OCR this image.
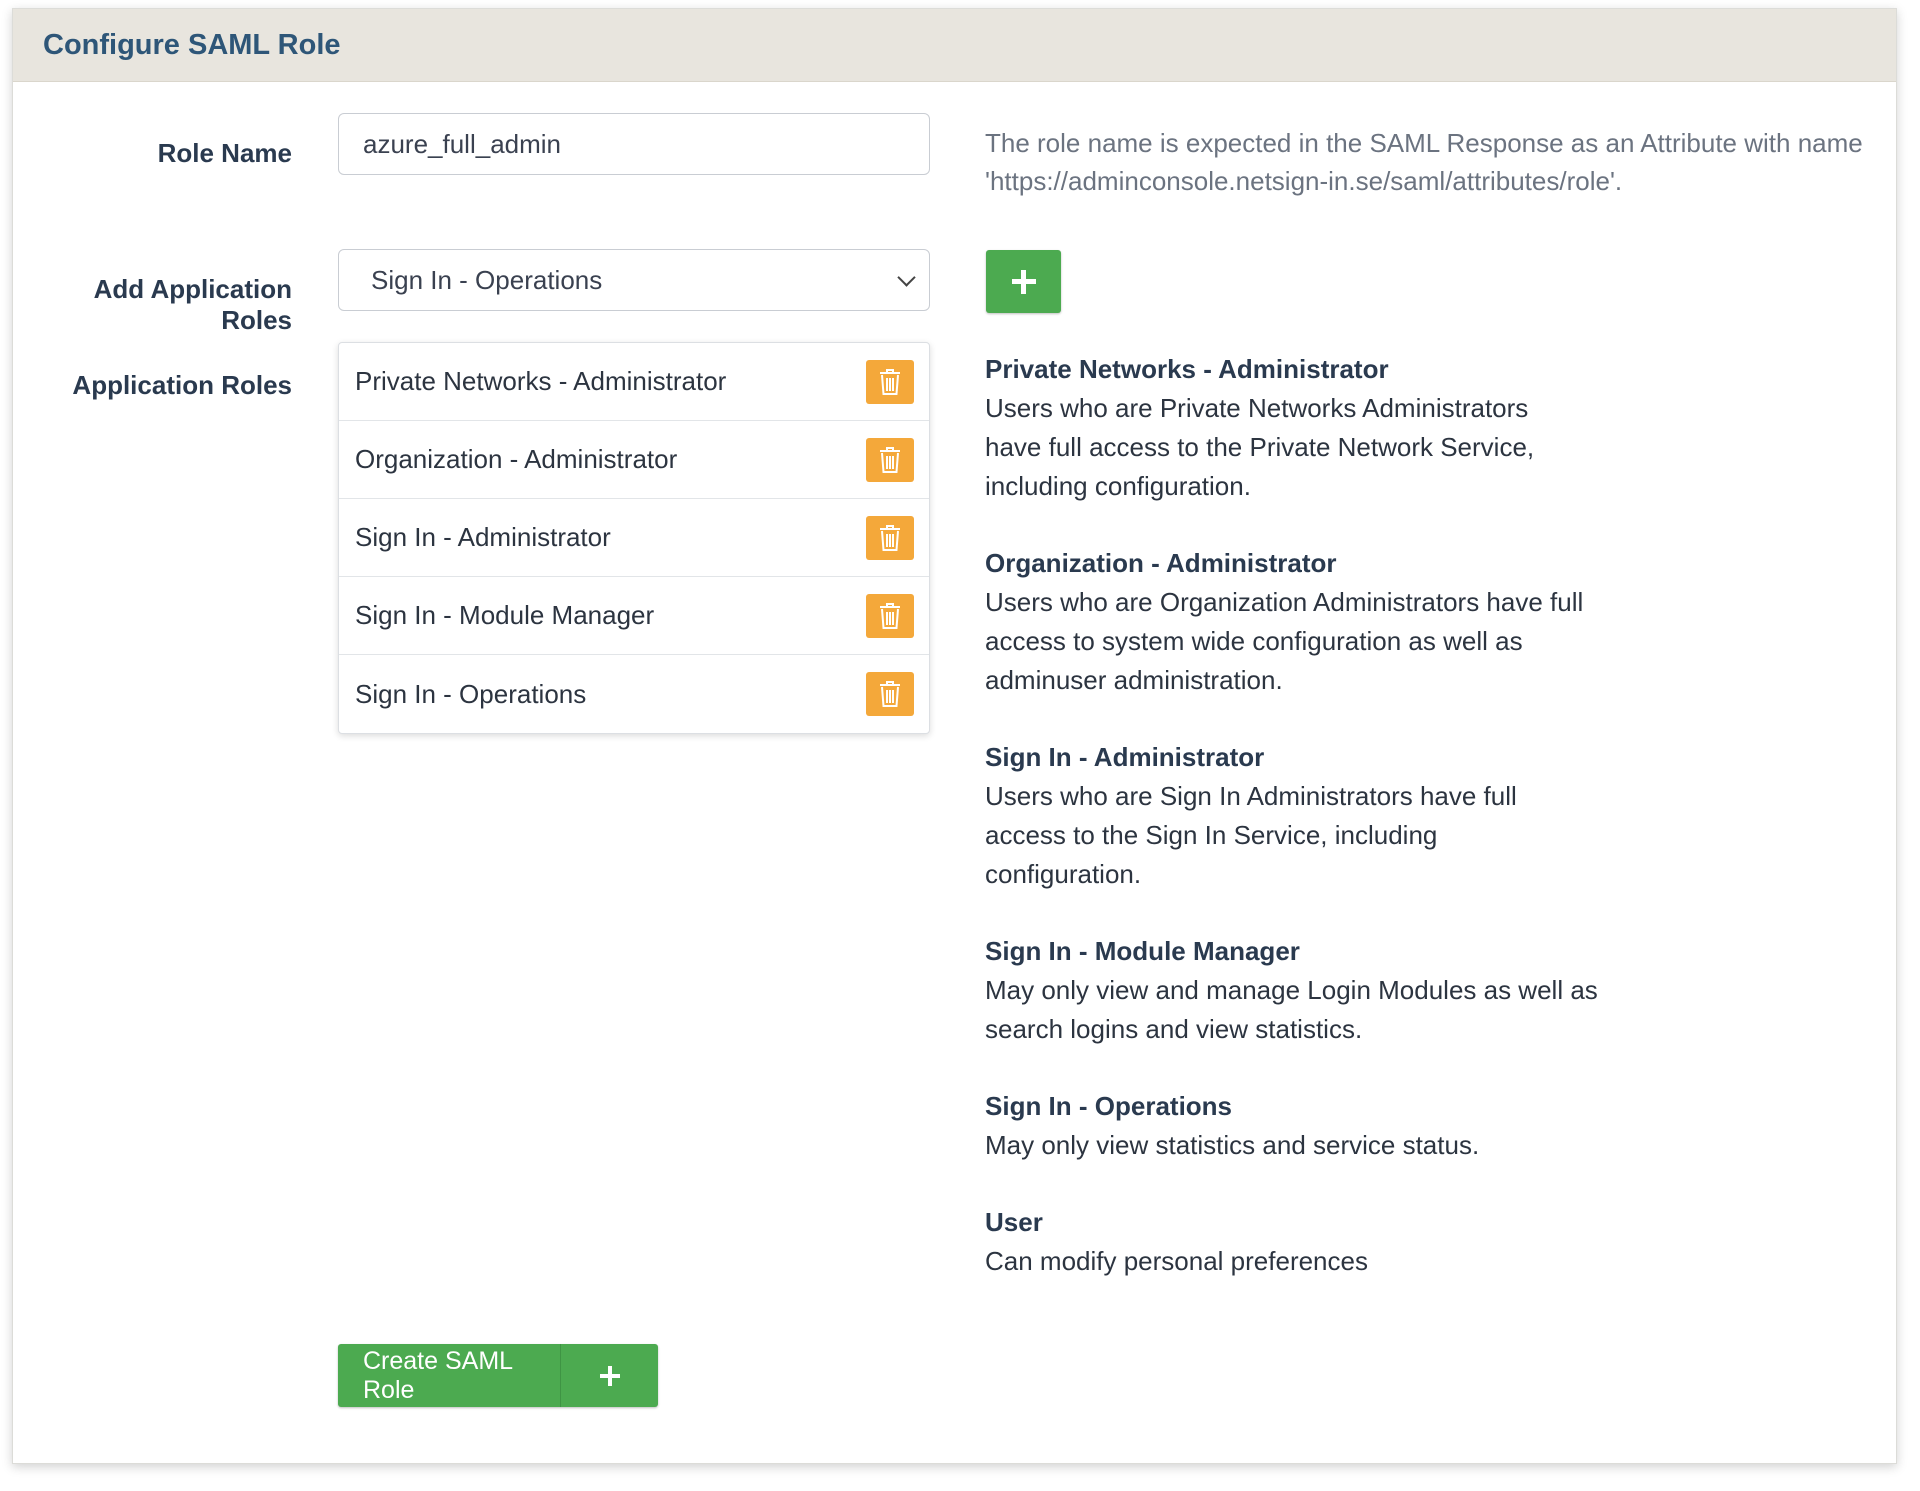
Configure SAML Role
Role Name	azure_full_admin	The role name is expected in the SAML Response as an Attribute with name 'https://adminconsole.netsign-in.se/saml/attributes/role'.
Add Application Roles
Sign In - Operations
Application Roles Private Networks - Administrator
Organization - Administrator
Sign In - Administrator
Sign In - Module Manager
Sign In - Operations
Private Networks - Administrator
Users who are Private Networks Administrators
have full access to the Private Network Service,
including configuration.
Organization - Administrator
Users who are Organization Administrators have full
access to system wide configuration as well as
adminuser administration.
Sign In - Administrator
Users who are Sign In Administrators have full
access to the Sign In Service, including
configuration.
Sign In - Module Manager
May only view and manage Login Modules as well as
search logins and view statistics.
Sign In - Operations
May only view statistics and service status.
User
Can modify personal preferences
Create SAML Role
